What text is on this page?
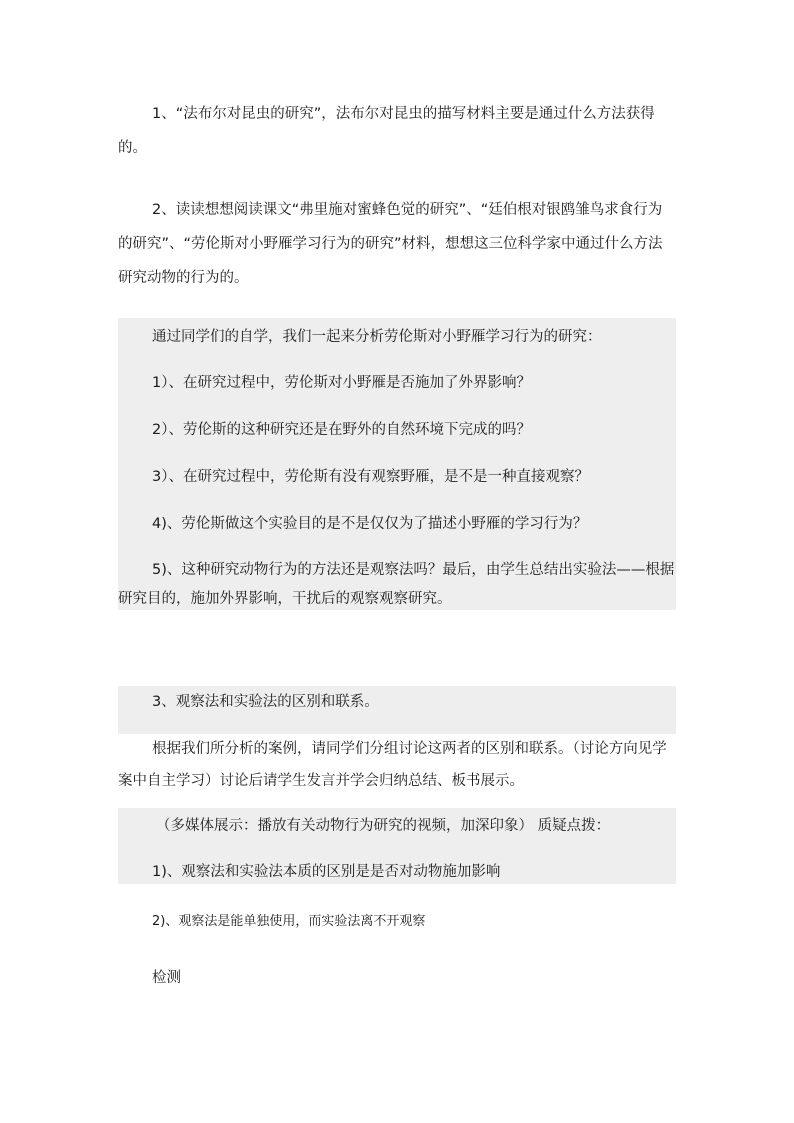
1、“法布尔对昆虫的研究”，法布尔对昆虫的描写材料主要是通过什么方法获得的。

2、读读想想阅读课文“弗里施对蜜蜂色觉的研究”、“廷伯根对银鸥雏鸟求食行为的研究”、“劳伦斯对小野雁学习行为的研究”材料，想想这三位科学家中通过什么方法研究动物的行为的。

通过同学们的自学，我们一起来分析劳伦斯对小野雁学习行为的研究：

1）、在研究过程中，劳伦斯对小野雁是否施加了外界影响？

2）、劳伦斯的这种研究还是在野外的自然环境下完成的吗？

3）、在研究过程中，劳伦斯有没有观察野雁，是不是一种直接观察？

4)、劳伦斯做这个实验目的是不是仅仅为了描述小野雁的学习行为？

5)、这种研究动物行为的方法还是观察法吗？最后，由学生总结出实验法——根据研究目的，施加外界影响，干扰后的观察观察研究。

3、观察法和实验法的区别和联系。

根据我们所分析的案例，请同学们分组讨论这两者的区别和联系。（讨论方向见学案中自主学习）讨论后请学生发言并学会归纳总结、板书展示。

（多媒体展示：播放有关动物行为研究的视频，加深印象） 质疑点拨：

1)、观察法和实验法本质的区别是是否对动物施加影响

2)、观察法是能单独使用，而实验法离不开观察

检测
